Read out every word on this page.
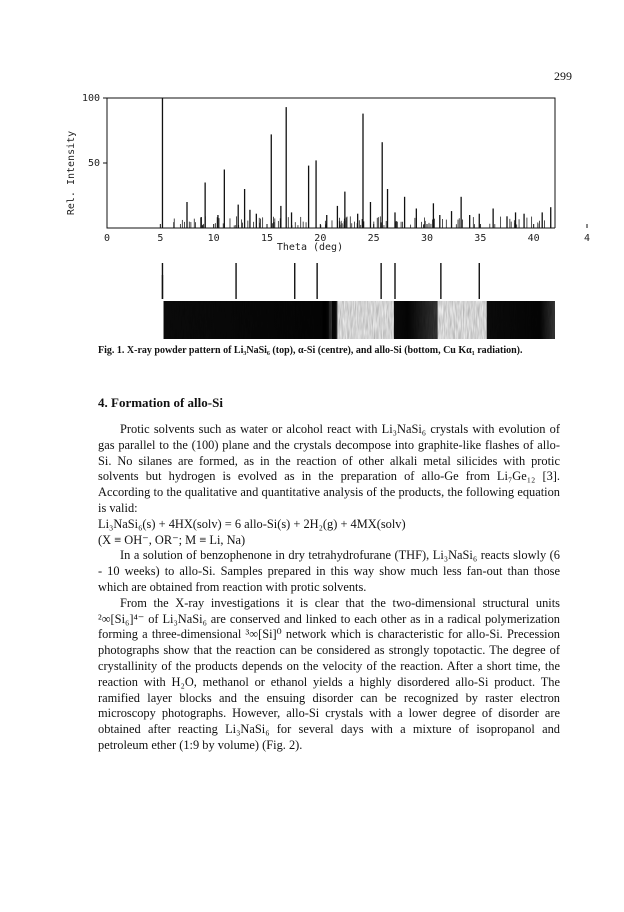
299
0	5	10	15	20	25	30	35	40	4
100
50
Rel. Intensity
Theta (deg)
Fig. 1. X-ray powder pattern of Li₃NaSi₆ (top), α-Si (centre), and allo-Si (bottom, Cu Kα₁ radiation).
4. Formation of allo-Si

Protic solvents such as water or alcohol react with Li₃NaSi₆ crystals with evolution of gas parallel to the (100) plane and the crystals decompose into graphite-like flashes of allo-Si. No silanes are formed, as in the reaction of other alkali metal silicides with protic solvents but hydrogen is evolved as in the preparation of allo-Ge from Li₇Ge₁₂ [3]. According to the qualitative and quantitative analysis of the products, the following equation is valid:

Li₃NaSi₆(s) + 4HX(solv) = 6 allo-Si(s) + 2H₂(g) + 4MX(solv)

(X ≡ OH⁻, OR⁻; M ≡ Li, Na)

In a solution of benzophenone in dry tetrahydrofurane (THF), Li₃NaSi₆ reacts slowly (6 - 10 weeks) to allo-Si. Samples prepared in this way show much less fan-out than those which are obtained from reaction with protic solvents.

From the X-ray investigations it is clear that the two-dimensional structural units ²∞[Si₆]⁴⁻ of Li₃NaSi₆ are conserved and linked to each other as in a radical polymerization forming a three-dimensional ³∞[Si]⁰ network which is characteristic for allo-Si. Precession photographs show that the reaction can be considered as strongly topotactic. The degree of crystallinity of the products depends on the velocity of the reaction. After a short time, the reaction with H₂O, methanol or ethanol yields a highly disordered allo-Si product. The ramified layer blocks and the ensuing disorder can be recognized by raster electron microscopy photographs. However, allo-Si crystals with a lower degree of disorder are obtained after reacting Li₃NaSi₆ for several days with a mixture of isopropanol and petroleum ether (1:9 by volume) (Fig. 2).
